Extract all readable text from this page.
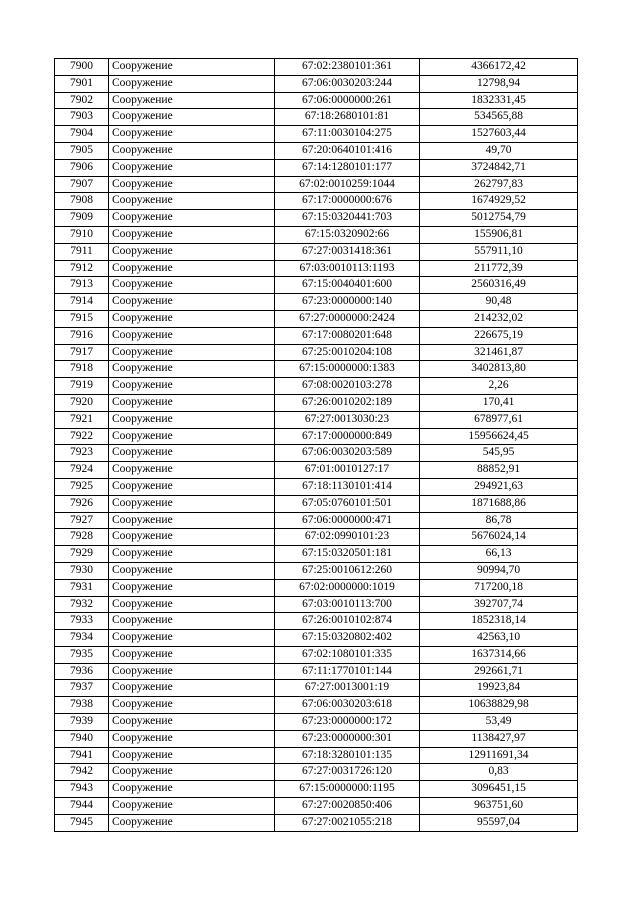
7900	Сооружение	67:02:2380101:361	4366172,42
7901	Сооружение	67:06:0030203:244	12798,94
7902	Сооружение	67:06:0000000:261	1832331,45
7903	Сооружение	67:18:2680101:81	534565,88
7904	Сооружение	67:11:0030104:275	1527603,44
7905	Сооружение	67:20:0640101:416	49,70
7906	Сооружение	67:14:1280101:177	3724842,71
7907	Сооружение	67:02:0010259:1044	262797,83
7908	Сооружение	67:17:0000000:676	1674929,52
7909	Сооружение	67:15:0320441:703	5012754,79
7910	Сооружение	67:15:0320902:66	155906,81
7911	Сооружение	67:27:0031418:361	557911,10
7912	Сооружение	67:03:0010113:1193	211772,39
7913	Сооружение	67:15:0040401:600	2560316,49
7914	Сооружение	67:23:0000000:140	90,48
7915	Сооружение	67:27:0000000:2424	214232,02
7916	Сооружение	67:17:0080201:648	226675,19
7917	Сооружение	67:25:0010204:108	321461,87
7918	Сооружение	67:15:0000000:1383	3402813,80
7919	Сооружение	67:08:0020103:278	2,26
7920	Сооружение	67:26:0010202:189	170,41
7921	Сооружение	67:27:0013030:23	678977,61
7922	Сооружение	67:17:0000000:849	15956624,45
7923	Сооружение	67:06:0030203:589	545,95
7924	Сооружение	67:01:0010127:17	88852,91
7925	Сооружение	67:18:1130101:414	294921,63
7926	Сооружение	67:05:0760101:501	1871688,86
7927	Сооружение	67:06:0000000:471	86,78
7928	Сооружение	67:02:0990101:23	5676024,14
7929	Сооружение	67:15:0320501:181	66,13
7930	Сооружение	67:25:0010612:260	90994,70
7931	Сооружение	67:02:0000000:1019	717200,18
7932	Сооружение	67:03:0010113:700	392707,74
7933	Сооружение	67:26:0010102:874	1852318,14
7934	Сооружение	67:15:0320802:402	42563,10
7935	Сооружение	67:02:1080101:335	1637314,66
7936	Сооружение	67:11:1770101:144	292661,71
7937	Сооружение	67:27:0013001:19	19923,84
7938	Сооружение	67:06:0030203:618	10638829,98
7939	Сооружение	67:23:0000000:172	53,49
7940	Сооружение	67:23:0000000:301	1138427,97
7941	Сооружение	67:18:3280101:135	12911691,34
7942	Сооружение	67:27:0031726:120	0,83
7943	Сооружение	67:15:0000000:1195	3096451,15
7944	Сооружение	67:27:0020850:406	963751,60
7945	Сооружение	67:27:0021055:218	95597,04
